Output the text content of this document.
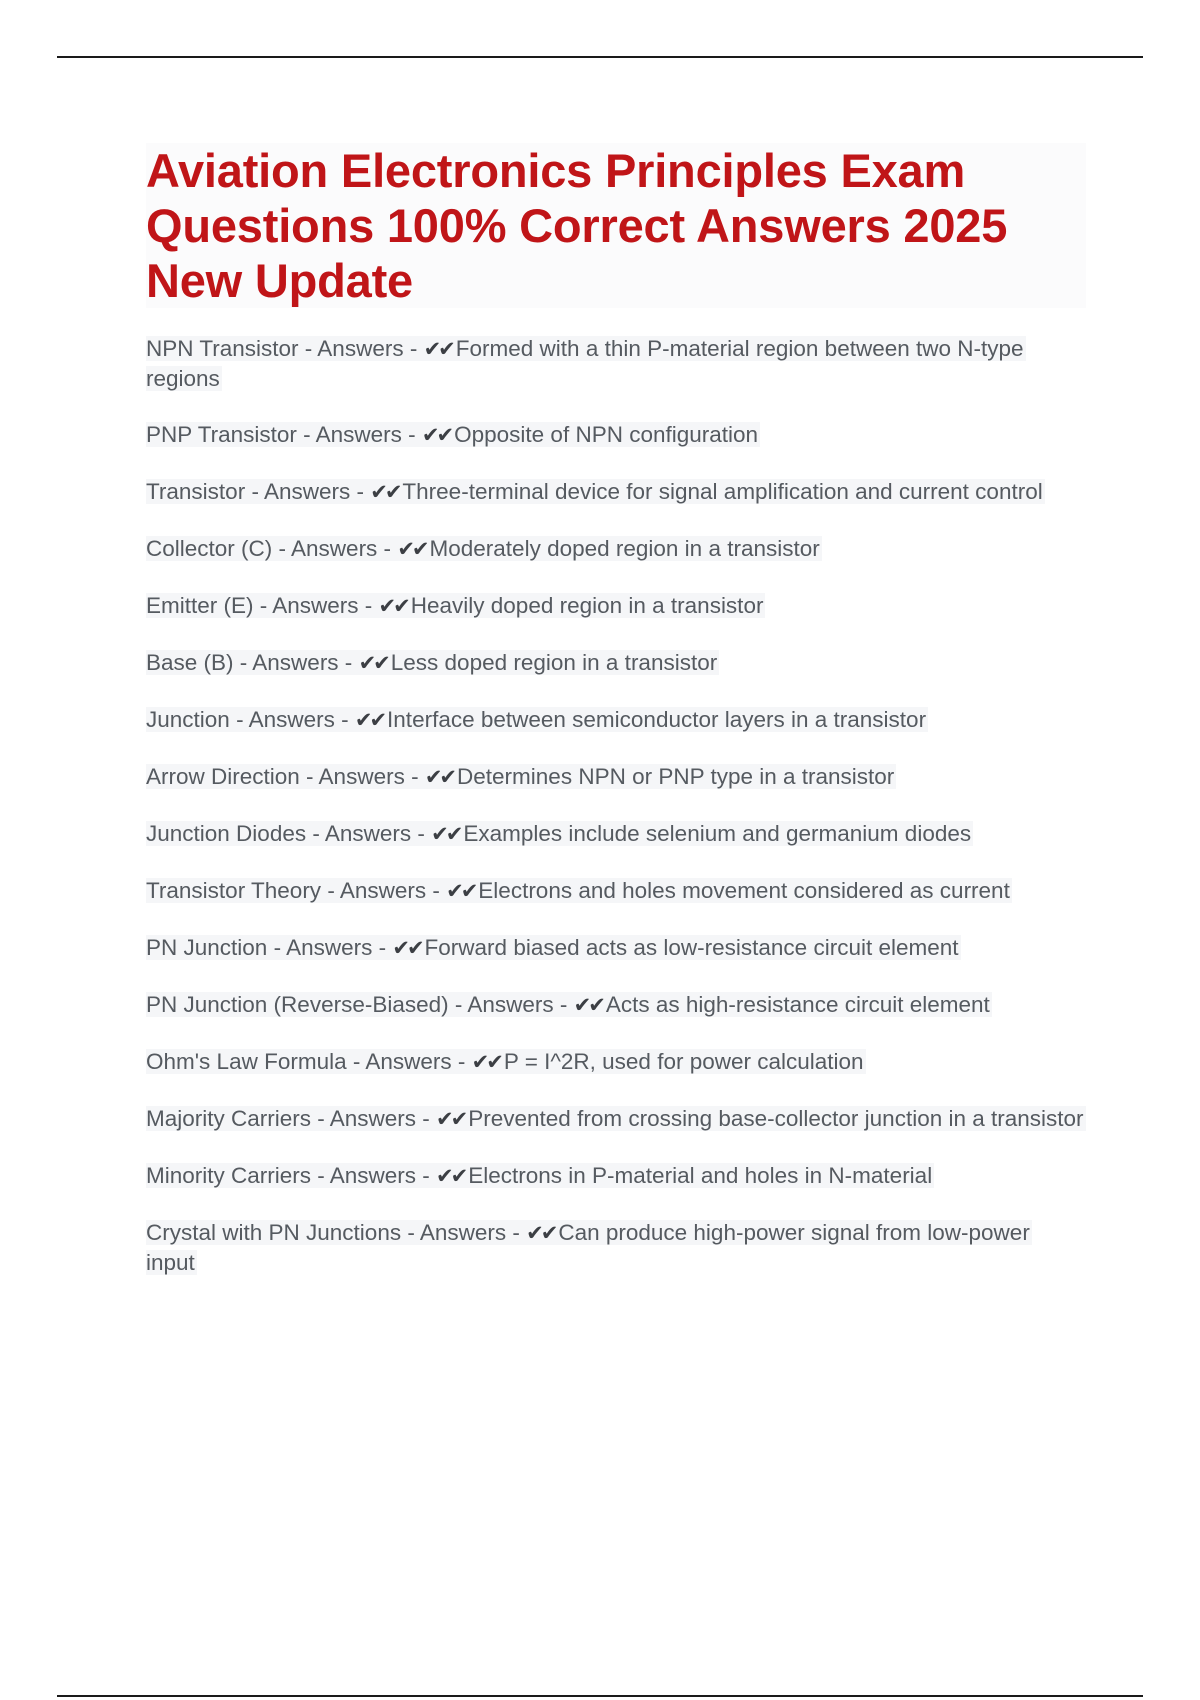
Aviation Electronics Principles Exam Questions 100% Correct Answers 2025 New Update
NPN Transistor - Answers - ✔✔ Formed with a thin P-material region between two N-type regions
PNP Transistor - Answers - ✔✔ Opposite of NPN configuration
Transistor - Answers - ✔✔ Three-terminal device for signal amplification and current control
Collector (C) - Answers - ✔✔ Moderately doped region in a transistor
Emitter (E) - Answers - ✔✔ Heavily doped region in a transistor
Base (B) - Answers - ✔✔ Less doped region in a transistor
Junction - Answers - ✔✔ Interface between semiconductor layers in a transistor
Arrow Direction - Answers - ✔✔ Determines NPN or PNP type in a transistor
Junction Diodes - Answers - ✔✔ Examples include selenium and germanium diodes
Transistor Theory - Answers - ✔✔ Electrons and holes movement considered as current
PN Junction - Answers - ✔✔ Forward biased acts as low-resistance circuit element
PN Junction (Reverse-Biased) - Answers - ✔✔ Acts as high-resistance circuit element
Ohm's Law Formula - Answers - ✔✔ P = I^2R, used for power calculation
Majority Carriers - Answers - ✔✔ Prevented from crossing base-collector junction in a transistor
Minority Carriers - Answers - ✔✔ Electrons in P-material and holes in N-material
Crystal with PN Junctions - Answers - ✔✔ Can produce high-power signal from low-power input
